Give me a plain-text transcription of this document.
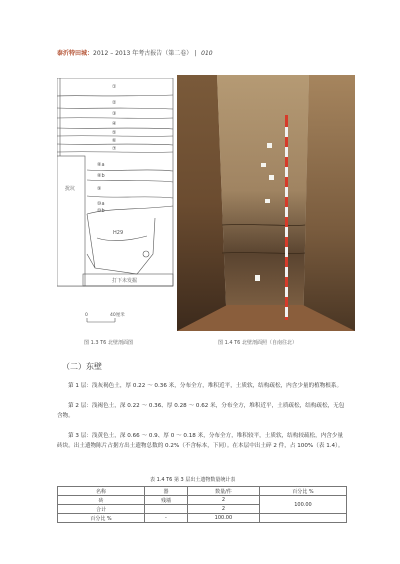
泰沂特田城：2012 – 2013 年考古报告（第二卷） | 010
①
②
③
④
⑤
⑥
⑦
⑧a
⑧b
⑨
⑩a
⑩b
扰坑
H29
打下未发掘
0	40厘米
图 1.3 T6 北壁剖面图	图 1.4 T6 北壁剖面照（自南往北）
（二）东壁
第 1 层：浅灰褐色土，厚 0.22 ～ 0.36 米，分布全方，堆积近平，土质软，结构疏松，内含少量的植物根系。
第 2 层：浅褐色土，深 0.22 ～ 0.36、厚 0.28 ～ 0.62 米，分布全方，堆积近平，土质疏松，结构疏松，无包含物。
第 3 层：浅黄色土，深 0.66 ～ 0.9、厚 0 ～ 0.18 米，分布全方，堆积较平，土质软，结构较疏松，内含少量砖块。出土遗物陈片占据方出土遗物总数的 0.2%（不含标本，下同）。在本层中出土碎 2 件，占 100%（表 1.4）。
表 1.4 T6 第 3 层出土遗物数量统计表
名称	器	数量/件	百分比 %
砖	残墙	2	100.00
合计		2	
百分比 %	-	100.00	
